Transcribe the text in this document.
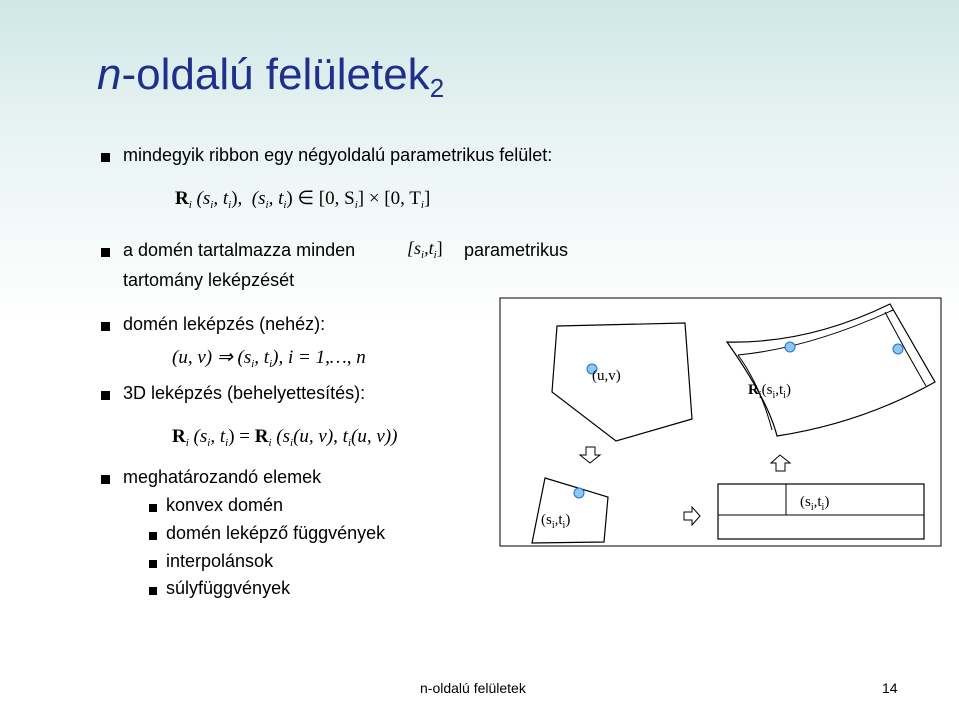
n-oldalú felületek$_2$
mindegyik ribbon egy négyoldalú parametrikus felület:
$R_i$ ($s_i$, $t_i$), ($s_i$, $t_i$) ∈ [0, $S_i] \times [0$, $T_i$]
a domén tartalmazza minden	$[s_i,t_i]$ parametrikus
tartomány leképzését
domén leképzés (nehéz):
(u, v) ⇒ ($s_i$, $t_i$), i = 1,…, n
3D leképzés (behelyettesítés):
$R_i$ ($s_i$, $t_i) = R_i$ ($s_i(u$, v), $t_i(u$, v))
meghatározandó elemek
konvex domén
domén leképző függvények
interpolánsok
súlyfüggvények
(u,v)
$R_i(s_i,t_i)$
$(s_i,t_i)$
$(s_i,t_i)$
n-oldalú felületek	14
